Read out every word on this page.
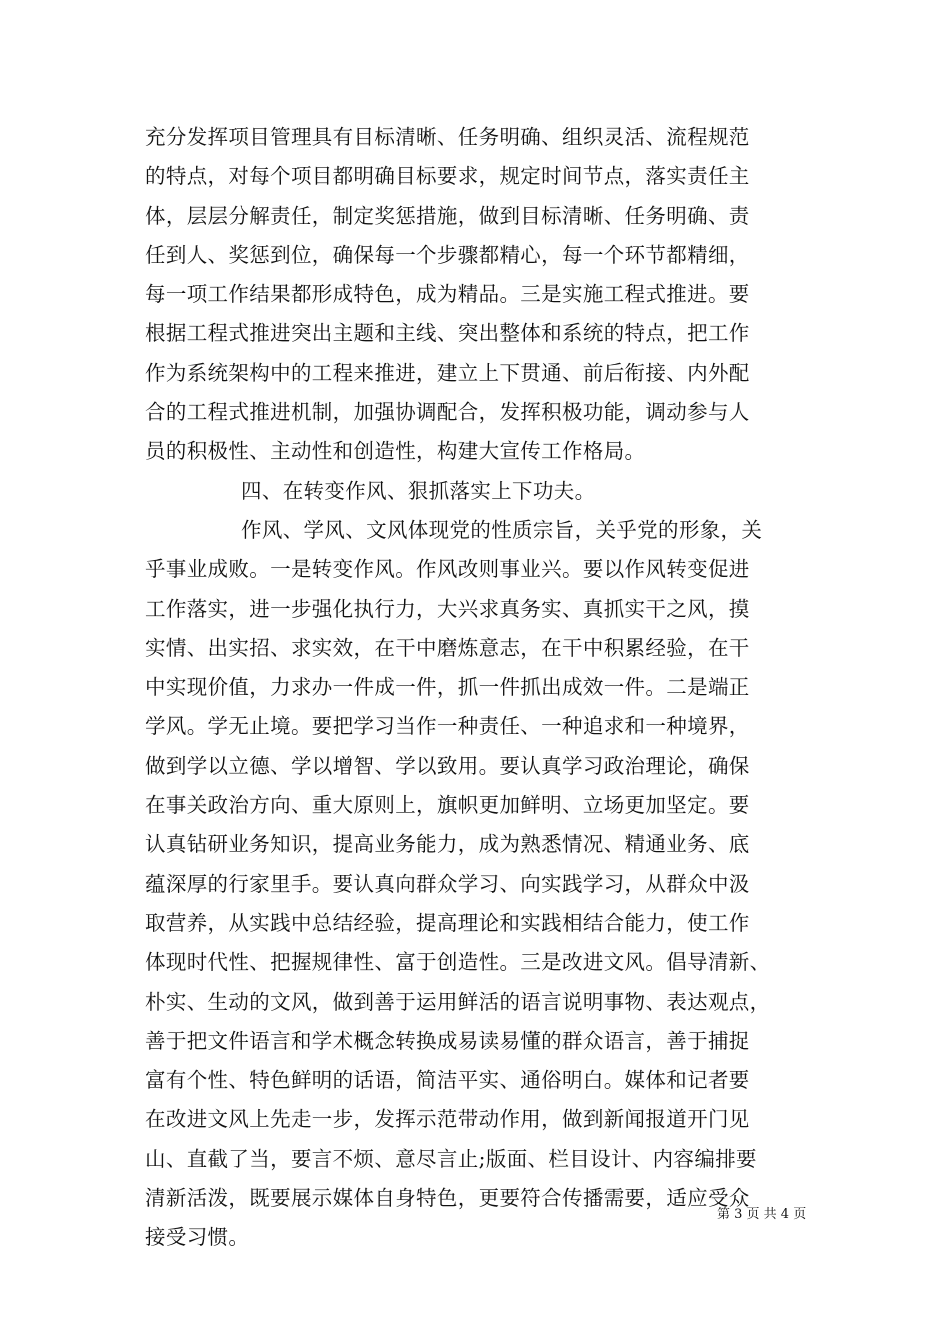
充分发挥项目管理具有目标清晰、任务明确、组织灵活、流程规范
的特点，对每个项目都明确目标要求，规定时间节点，落实责任主
体，层层分解责任，制定奖惩措施，做到目标清晰、任务明确、责
任到人、奖惩到位，确保每一个步骤都精心，每一个环节都精细，
每一项工作结果都形成特色，成为精品。三是实施工程式推进。要
根据工程式推进突出主题和主线、突出整体和系统的特点，把工作
作为系统架构中的工程来推进，建立上下贯通、前后衔接、内外配
合的工程式推进机制，加强协调配合，发挥积极功能，调动参与人
员的积极性、主动性和创造性，构建大宣传工作格局。
四、在转变作风、狠抓落实上下功夫。
作风、学风、文风体现党的性质宗旨，关乎党的形象，关
乎事业成败。一是转变作风。作风改则事业兴。要以作风转变促进
工作落实，进一步强化执行力，大兴求真务实、真抓实干之风，摸
实情、出实招、求实效，在干中磨炼意志，在干中积累经验，在干
中实现价值，力求办一件成一件，抓一件抓出成效一件。二是端正
学风。学无止境。要把学习当作一种责任、一种追求和一种境界，
做到学以立德、学以增智、学以致用。要认真学习政治理论，确保
在事关政治方向、重大原则上，旗帜更加鲜明、立场更加坚定。要
认真钻研业务知识，提高业务能力，成为熟悉情况、精通业务、底
蕴深厚的行家里手。要认真向群众学习、向实践学习，从群众中汲
取营养，从实践中总结经验，提高理论和实践相结合能力，使工作
体现时代性、把握规律性、富于创造性。三是改进文风。倡导清新、
朴实、生动的文风，做到善于运用鲜活的语言说明事物、表达观点，
善于把文件语言和学术概念转换成易读易懂的群众语言，善于捕捉
富有个性、特色鲜明的话语，简洁平实、通俗明白。媒体和记者要
在改进文风上先走一步，发挥示范带动作用，做到新闻报道开门见
山、直截了当，要言不烦、意尽言止;版面、栏目设计、内容编排要
清新活泼，既要展示媒体自身特色，更要符合传播需要，适应受众
接受习惯。
第 3 页 共 4 页
